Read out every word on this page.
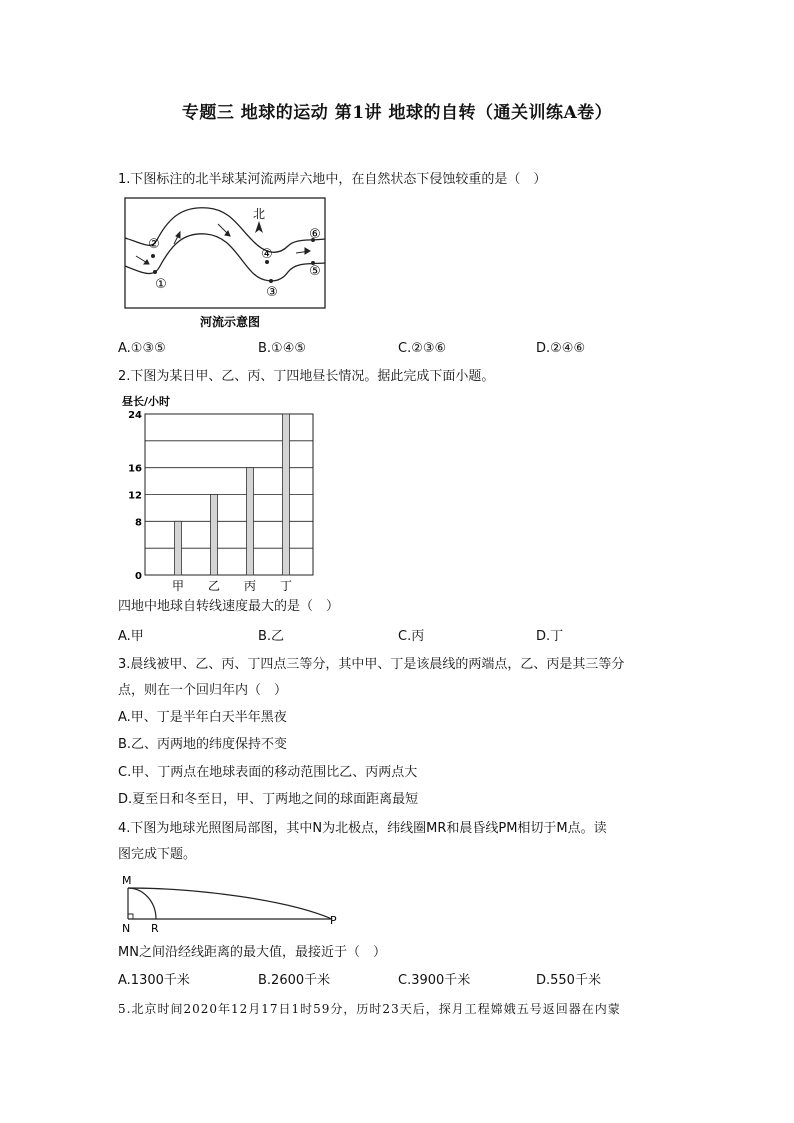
专题三 地球的运动 第1讲 地球的自转（通关训练A卷）
1.下图标注的北半球某河流两岸六地中，在自然状态下侵蚀较重的是（　）
北
①
②
③
④
⑤
⑥
河流示意图
A.①③⑤	B.①④⑤	C.②③⑥	D.②④⑥
2.下图为某日甲、乙、丙、丁四地昼长情况。据此完成下面小题。
昼长/小时
0
8
12
16
24
甲 乙 丙 丁
四地中地球自转线速度最大的是（　）
A.甲	B.乙	C.丙	D.丁
3.晨线被甲、乙、丙、丁四点三等分，其中甲、丁是该晨线的两端点，乙、丙是其三等分
点，则在一个回归年内（　）
A.甲、丁是半年白天半年黑夜
B.乙、丙两地的纬度保持不变
C.甲、丁两点在地球表面的移动范围比乙、丙两点大
D.夏至日和冬至日，甲、丁两地之间的球面距离最短
4.下图为地球光照图局部图，其中N为北极点，纬线圈MR和晨昏线PM相切于M点。读
图完成下题。
M
N R
P
MN之间沿经线距离的最大值，最接近于（　）
A.1300千米	B.2600千米	C.3900千米	D.550千米
5.北京时间2020年12月17日1时59分，历时23天后，探月工程嫦娥五号返回器在内蒙
